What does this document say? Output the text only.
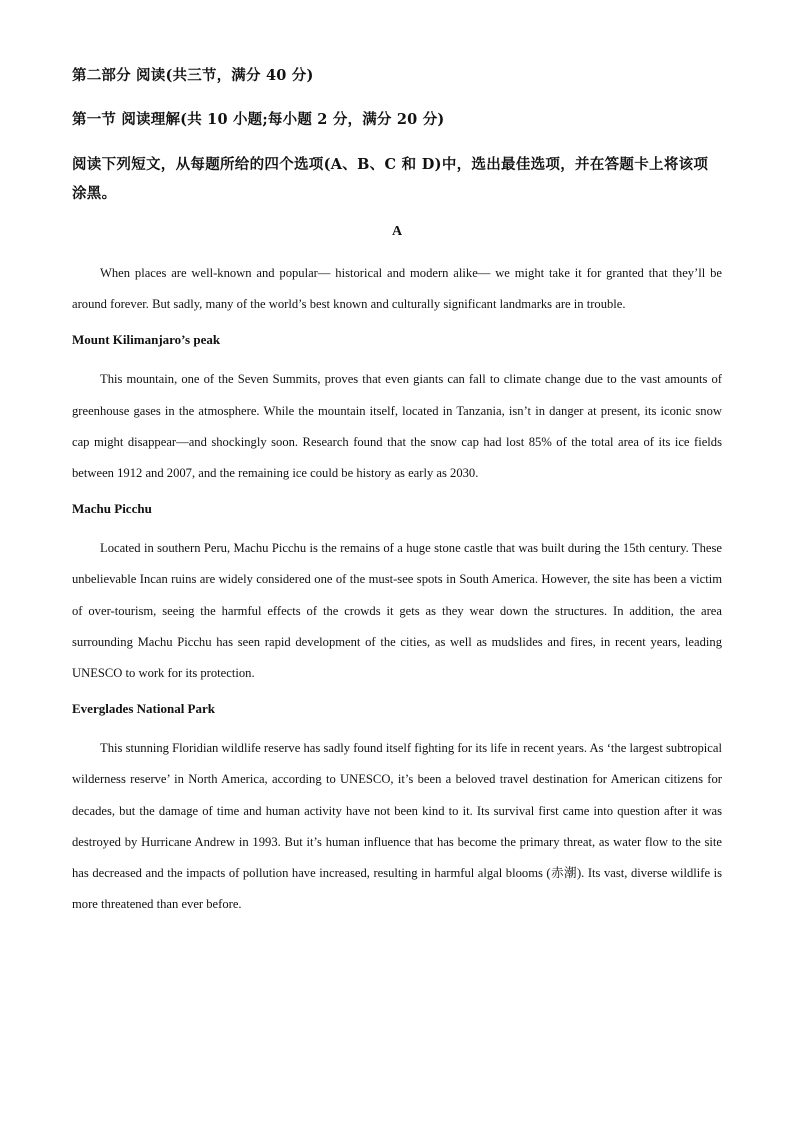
第二部分 阅读(共三节，满分 40 分)
第一节 阅读理解(共 10 小题;每小题 2 分，满分 20 分)
阅读下列短文，从每题所给的四个选项(A、B、C 和 D)中，选出最佳选项，并在答题卡上将该项涂黑。
A

When places are well-known and popular— historical and modern alike— we might take it for granted that they’ll be around forever. But sadly, many of the world’s best known and culturally significant landmarks are in trouble.

Mount Kilimanjaro’s peak

This mountain, one of the Seven Summits, proves that even giants can fall to climate change due to the vast amounts of greenhouse gases in the atmosphere. While the mountain itself, located in Tanzania, isn’t in danger at present, its iconic snow cap might disappear—and shockingly soon. Research found that the snow cap had lost 85% of the total area of its ice fields between 1912 and 2007, and the remaining ice could be history as early as 2030.

Machu Picchu

Located in southern Peru, Machu Picchu is the remains of a huge stone castle that was built during the 15th century. These unbelievable Incan ruins are widely considered one of the must-see spots in South America. However, the site has been a victim of over-tourism, seeing the harmful effects of the crowds it gets as they wear down the structures. In addition, the area surrounding Machu Picchu has seen rapid development of the cities, as well as mudslides and fires, in recent years, leading UNESCO to work for its protection.

Everglades National Park

This stunning Floridian wildlife reserve has sadly found itself fighting for its life in recent years. As ‘the largest subtropical wilderness reserve’ in North America, according to UNESCO, it’s been a beloved travel destination for American citizens for decades, but the damage of time and human activity have not been kind to it. Its survival first came into question after it was destroyed by Hurricane Andrew in 1993. But it’s human influence that has become the primary threat, as water flow to the site has decreased and the impacts of pollution have increased, resulting in harmful algal blooms (赤潮). Its vast, diverse wildlife is more threatened than ever before.
